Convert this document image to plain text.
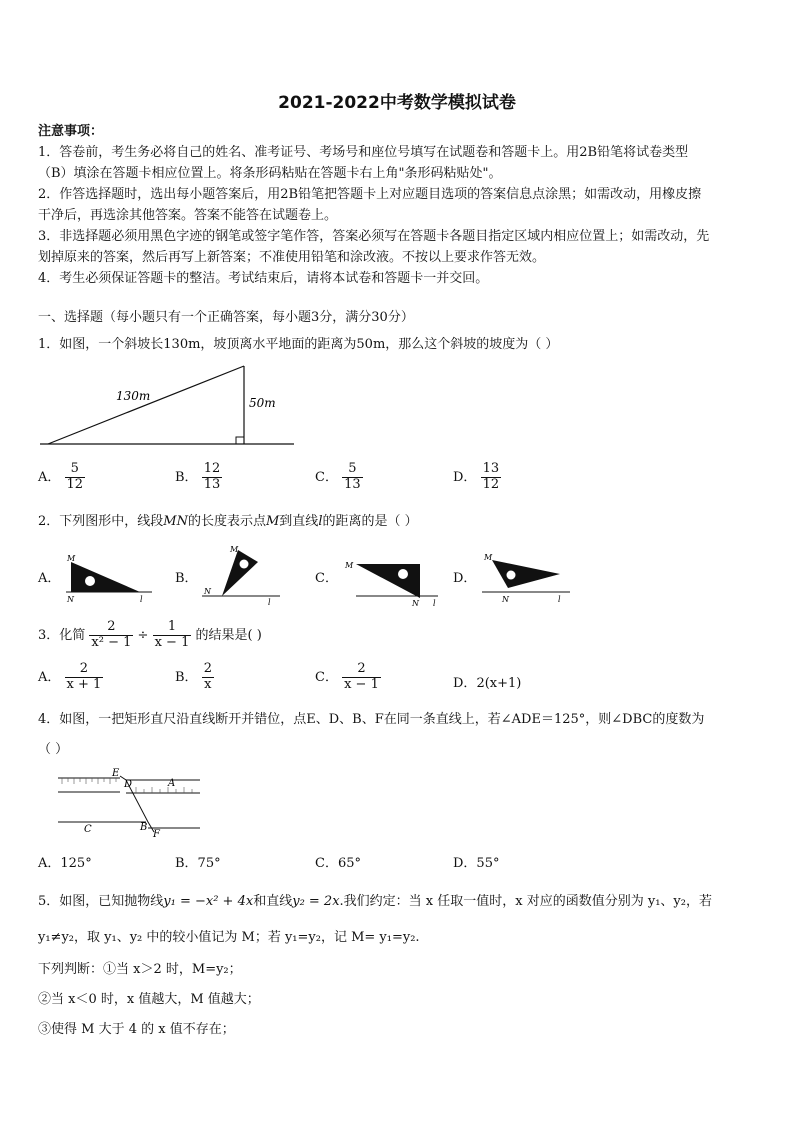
2021-2022中考数学模拟试卷
注意事项：
1．答卷前，考生务必将自己的姓名、准考证号、考场号和座位号填写在试题卷和答题卡上。用2B铅笔将试卷类型
（B）填涂在答题卡相应位置上。将条形码粘贴在答题卡右上角"条形码粘贴处"。
2．作答选择题时，选出每小题答案后，用2B铅笔把答题卡上对应题目选项的答案信息点涂黑；如需改动，用橡皮擦
干净后，再选涂其他答案。答案不能答在试题卷上。
3．非选择题必须用黑色字迹的钢笔或签字笔作答，答案必须写在答题卡各题目指定区域内相应位置上；如需改动，先
划掉原来的答案，然后再写上新答案；不准使用铅笔和涂改液。不按以上要求作答无效。
4．考生必须保证答题卡的整洁。考试结束后，请将本试卷和答题卡一并交回。
一、选择题（每小题只有一个正确答案，每小题3分，满分30分）
1．如图，一个斜坡长130m，坡顶离水平地面的距离为50m，那么这个斜坡的坡度为（ ）
130m	50m
A． $\frac{5}{12}$	B． $\frac{12}{13}$	C． $\frac{5}{13}$	D． $\frac{13}{12}$
2．下列图形中，线段MN的长度表示点M到直线l的距离的是（ ）
A．
M
N	l
B．
M
N
l
C．
M
N l
D．
M
N	l
3．化简 $\frac{2}{\text{x² − 1}} \div \frac{1}{x - 1}$ 的结果是( )
A． $\frac{2}{x + 1}$	B． $\frac{2}{x}$	C． $\frac{2}{x - 1}$	D．2(x+1)
4．如图，一把矩形直尺沿直线断开并错位，点E、D、B、F在同一条直线上，若∠ADE＝125°，则∠DBC的度数为
（ ）
E
D	A
C	B
F
A．125°	B．75°	C．65°	D．55°
5．如图，已知抛物线y₁ = −x² + 4x和直线y₂ = 2x.我们约定：当 x 任取一值时，x 对应的函数值分别为 y₁、y₂，若
y₁≠y₂，取 y₁、y₂ 中的较小值记为 M；若 y₁=y₂，记 M= y₁=y₂.
下列判断：①当 x＞2 时，M=y₂；
②当 x＜0 时，x 值越大，M 值越大；
③使得 M 大于 4 的 x 值不存在；
